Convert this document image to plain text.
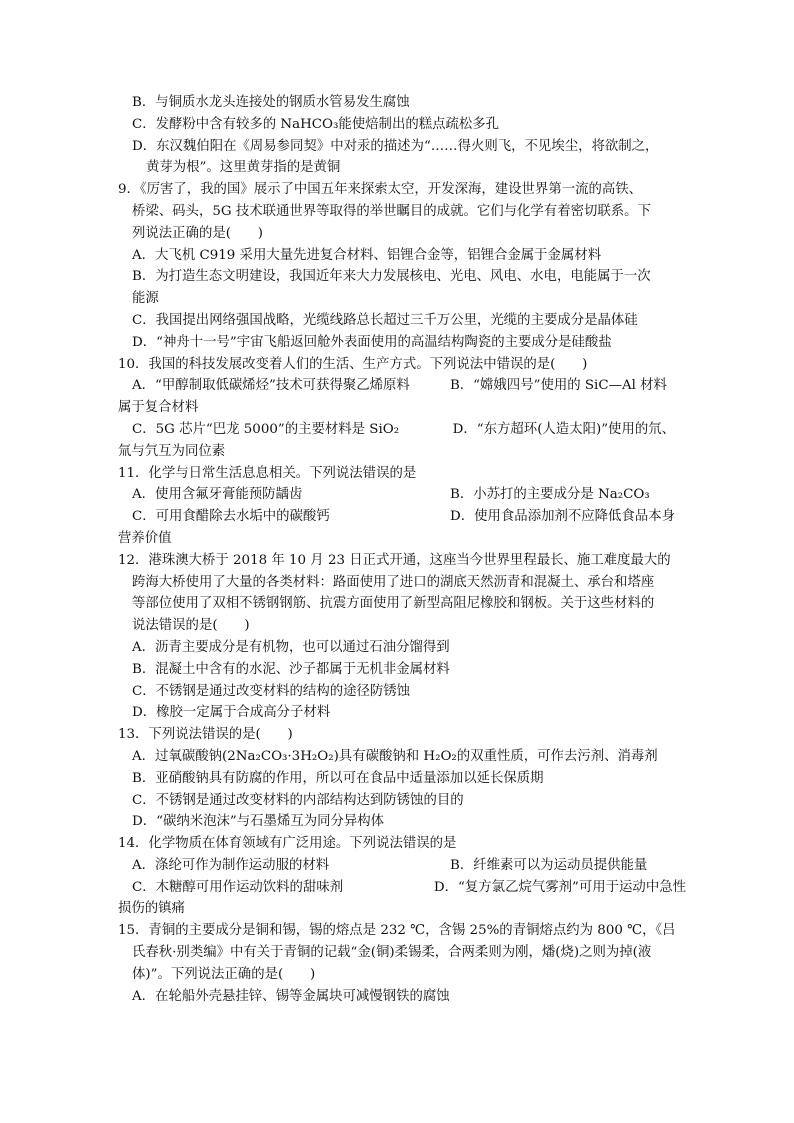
B．与铜质水龙头连接处的钢质水管易发生腐蚀
C．发酵粉中含有较多的 NaHCO₃能使焙制出的糕点疏松多孔
D．东汉魏伯阳在《周易参同契》中对汞的描述为“……得火则飞，不见埃尘，将欲制之，
黄芽为根”。这里黄芽指的是黄铜
9．《厉害了，我的国》展示了中国五年来探索太空，开发深海，建设世界第一流的高铁、
桥梁、码头，5G 技术联通世界等取得的举世瞩目的成就。它们与化学有着密切联系。下
列说法正确的是(　　)
A．大飞机 C919 采用大量先进复合材料、铝锂合金等，铝锂合金属于金属材料
B．为打造生态文明建设，我国近年来大力发展核电、光电、风电、水电，电能属于一次
能源
C．我国提出网络强国战略，光缆线路总长超过三千万公里，光缆的主要成分是晶体硅
D．“神舟十一号”宇宙飞船返回舱外表面使用的高温结构陶瓷的主要成分是硅酸盐
10．我国的科技发展改变着人们的生活、生产方式。下列说法中错误的是(　　)
A．“甲醇制取低碳烯烃”技术可获得聚乙烯原料　　　B．“嫦娥四号”使用的 SiC—Al 材料
属于复合材料
C．5G 芯片“巴龙 5000”的主要材料是 SiO₂　　　　D．“东方超环(人造太阳)”使用的氘、
氚与氕互为同位素
11．化学与日常生活息息相关。下列说法错误的是
A．使用含氟牙膏能预防龋齿	B．小苏打的主要成分是 Na₂CO₃
C．可用食醋除去水垢中的碳酸钙	D．使用食品添加剂不应降低食品本身
营养价值
12．港珠澳大桥于 2018 年 10 月 23 日正式开通，这座当今世界里程最长、施工难度最大的
跨海大桥使用了大量的各类材料：路面使用了进口的湖底天然沥青和混凝土、承台和塔座
等部位使用了双相不锈钢钢筋、抗震方面使用了新型高阻尼橡胶和钢板。关于这些材料的
说法错误的是(　　)
A．沥青主要成分是有机物，也可以通过石油分馏得到
B．混凝土中含有的水泥、沙子都属于无机非金属材料
C．不锈钢是通过改变材料的结构的途径防锈蚀
D．橡胶一定属于合成高分子材料
13．下列说法错误的是(　　)
A．过氧碳酸钠(2Na₂CO₃·3H₂O₂)具有碳酸钠和 H₂O₂的双重性质，可作去污剂、消毒剂
B．亚硝酸钠具有防腐的作用，所以可在食品中适量添加以延长保质期
C．不锈钢是通过改变材料的内部结构达到防锈蚀的目的
D．“碳纳米泡沫”与石墨烯互为同分异构体
14．化学物质在体育领域有广泛用途。下列说法错误的是
A．涤纶可作为制作运动服的材料	B．纤维素可以为运动员提供能量
C．木糖醇可用作运动饮料的甜味剂	D．“复方氯乙烷气雾剂”可用于运动中急性
损伤的镇痛
15．青铜的主要成分是铜和锡，锡的熔点是 232 ℃，含锡 25%的青铜熔点约为 800 ℃，《吕
氏春秋·别类编》中有关于青铜的记载“金(铜)柔锡柔，合两柔则为刚，燔(烧)之则为掉(液
体)”。下列说法正确的是(　　)
A．在轮船外壳悬挂锌、锡等金属块可减慢钢铁的腐蚀
